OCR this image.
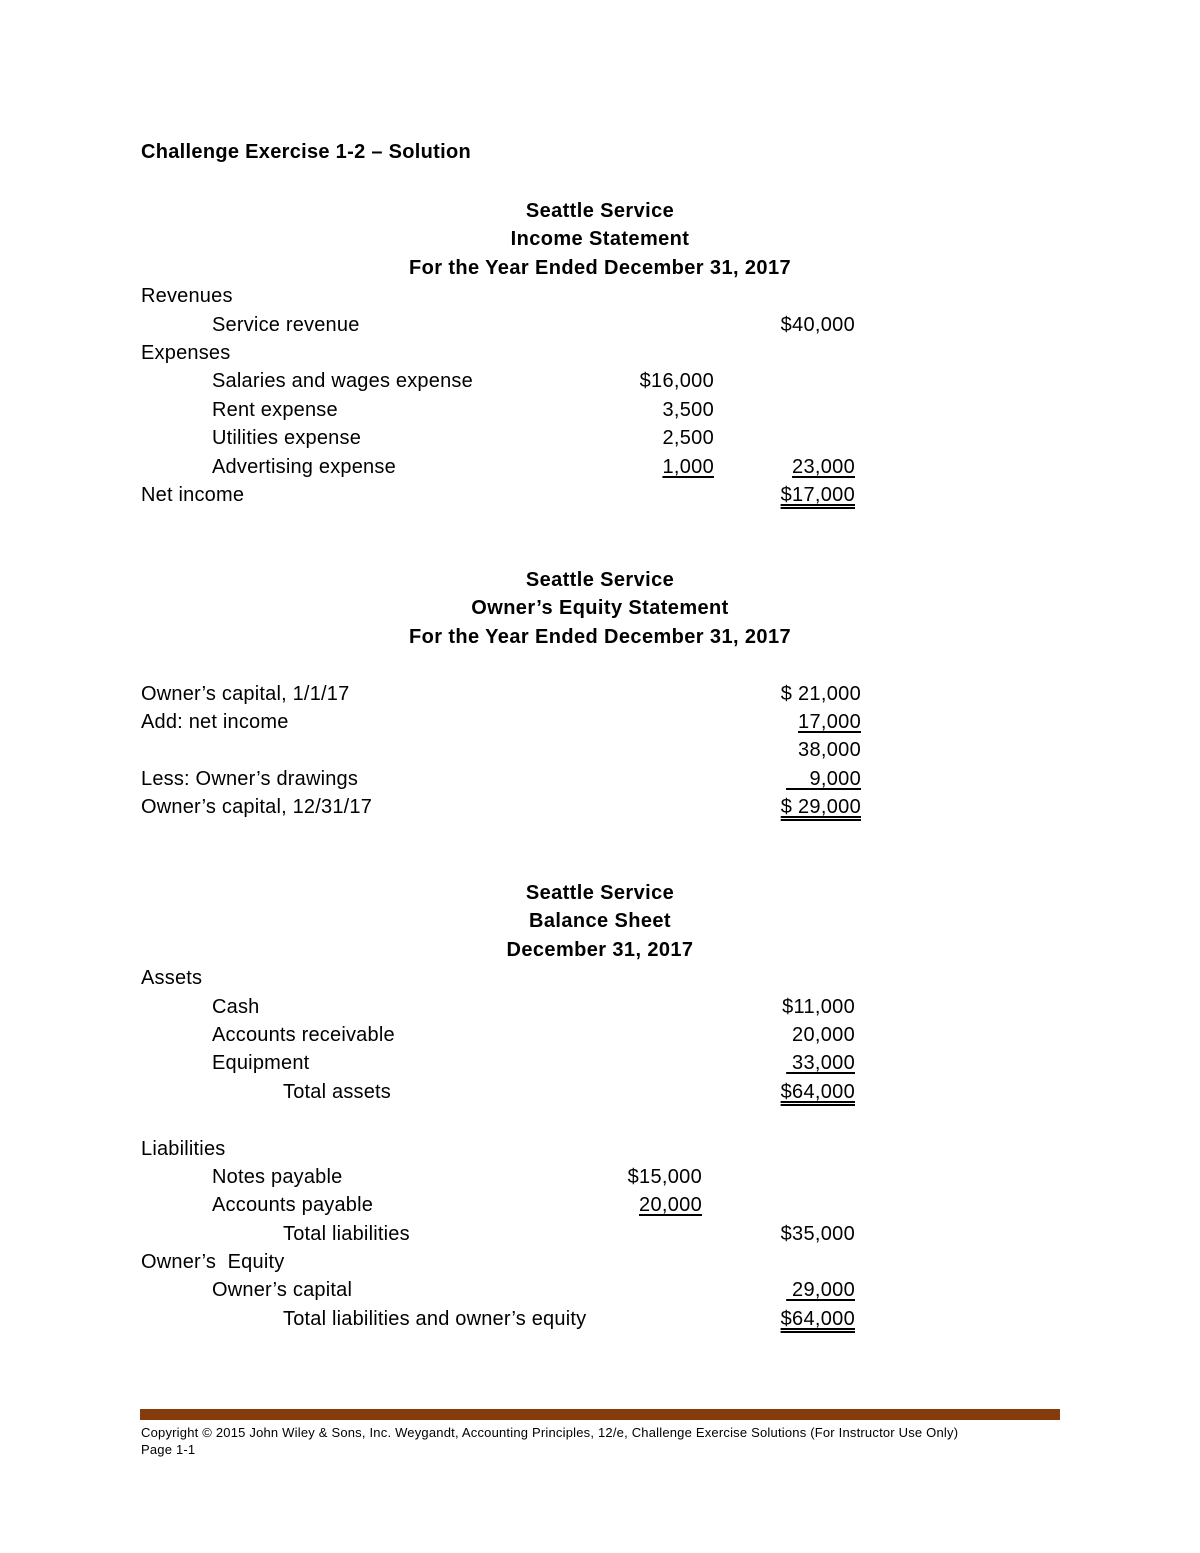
Challenge Exercise 1-2 – Solution
Seattle Service
Income Statement
For the Year Ended December 31, 2017
Revenues
Service revenue	$40,000
Expenses
Salaries and wages expense	$16,000
Rent expense	3,500
Utilities expense	2,500
Advertising expense	1,000	23,000
Net income	$17,000
Seattle Service
Owner’s Equity Statement
For the Year Ended December 31, 2017
Owner’s capital, 1/1/17	$ 21,000
Add: net income	17,000
38,000
Less: Owner’s drawings	9,000
Owner’s capital, 12/31/17	$ 29,000
Seattle Service
Balance Sheet
December 31, 2017
Assets
Cash	$11,000
Accounts receivable	20,000
Equipment	33,000
Total assets	$64,000
Liabilities
Notes payable	$15,000
Accounts payable	20,000
Total liabilities	$35,000
Owner’s  Equity
Owner’s capital	29,000
Total liabilities and owner’s equity	$64,000
Copyright © 2015 John Wiley & Sons, Inc. Weygandt, Accounting Principles, 12/e, Challenge Exercise Solutions (For Instructor Use Only)
Page 1-1
